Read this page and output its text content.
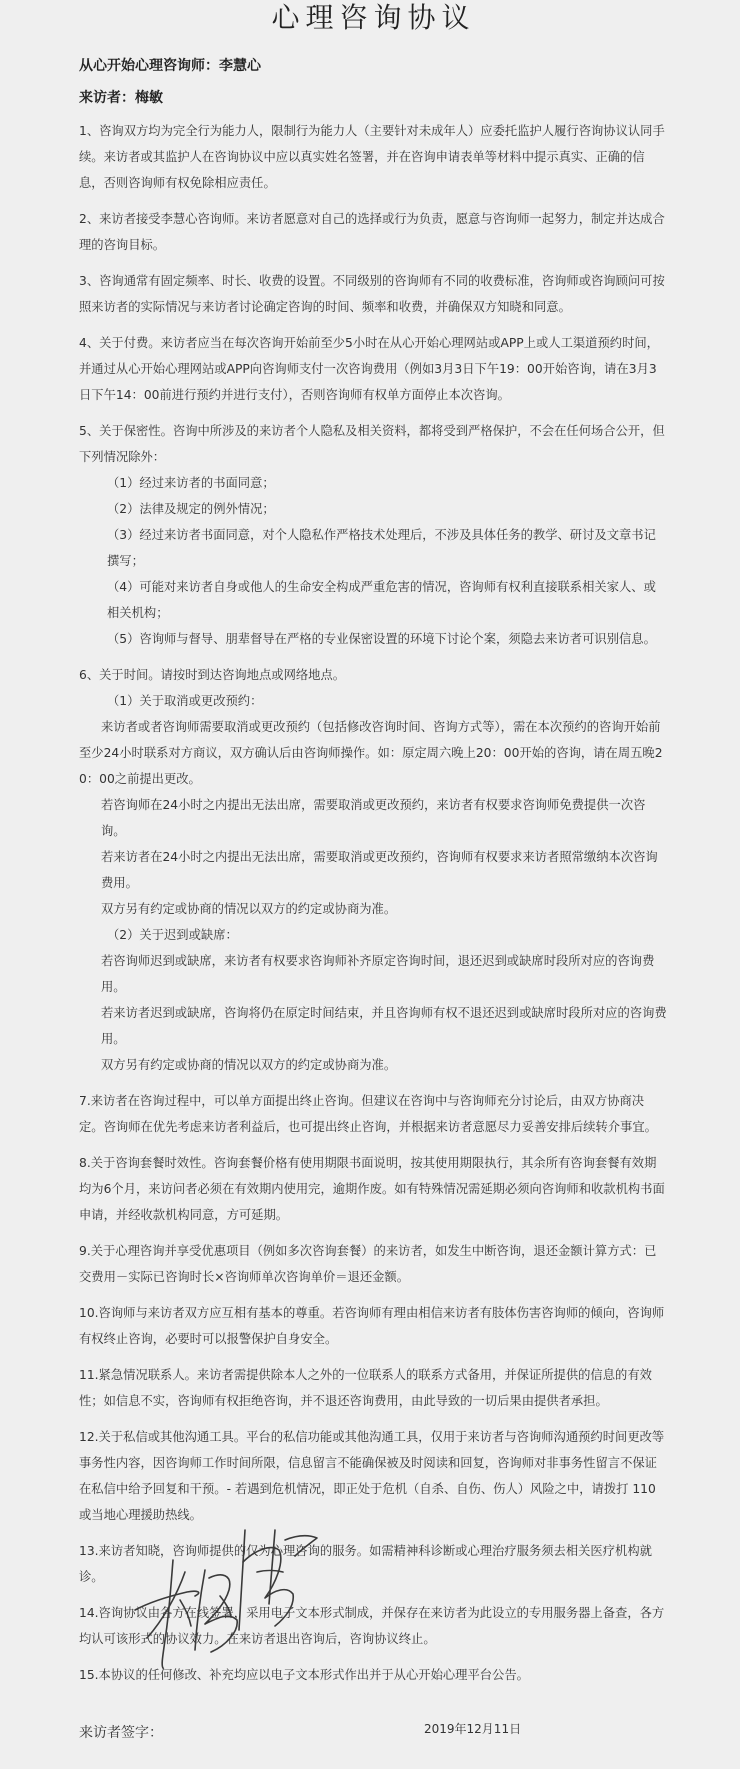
心理咨询协议
从心开始心理咨询师：李慧心
来访者：梅敏

1、咨询双方均为完全行为能力人，限制行为能力人（主要针对未成年人）应委托监护人履行咨询协议认同手续。来访者或其监护人在咨询协议中应以真实姓名签署，并在咨询申请表单等材料中提示真实、正确的信息，否则咨询师有权免除相应责任。

2、来访者接受李慧心咨询师。来访者愿意对自己的选择或行为负责，愿意与咨询师一起努力，制定并达成合理的咨询目标。

3、咨询通常有固定频率、时长、收费的设置。不同级别的咨询师有不同的收费标准，咨询师或咨询顾问可按照来访者的实际情况与来访者讨论确定咨询的时间、频率和收费，并确保双方知晓和同意。

4、关于付费。来访者应当在每次咨询开始前至少5小时在从心开始心理网站或APP上或人工渠道预约时间，并通过从心开始心理网站或APP向咨询师支付一次咨询费用（例如3月3日下午19：00开始咨询，请在3月3日下午14：00前进行预约并进行支付），否则咨询师有权单方面停止本次咨询。

5、关于保密性。咨询中所涉及的来访者个人隐私及相关资料，都将受到严格保护，不会在任何场合公开，但下列情况除外：

（1）经过来访者的书面同意；

（2）法律及规定的例外情况；

（3）经过来访者书面同意，对个人隐私作严格技术处理后，不涉及具体任务的教学、研讨及文章书记撰写；

（4）可能对来访者自身或他人的生命安全构成严重危害的情况，咨询师有权利直接联系相关家人、或相关机构；

（5）咨询师与督导、朋辈督导在严格的专业保密设置的环境下讨论个案，须隐去来访者可识别信息。

6、关于时间。请按时到达咨询地点或网络地点。

（1）关于取消或更改预约：

来访者或者咨询师需要取消或更改预约（包括修改咨询时间、咨询方式等），需在本次预约的咨询开始前至少24小时联系对方商议，双方确认后由咨询师操作。如：原定周六晚上20：00开始的咨询，请在周五晚20：00之前提出更改。

若咨询师在24小时之内提出无法出席，需要取消或更改预约，来访者有权要求咨询师免费提供一次咨询。

若来访者在24小时之内提出无法出席，需要取消或更改预约，咨询师有权要求来访者照常缴纳本次咨询费用。

双方另有约定或协商的情况以双方的约定或协商为准。

（2）关于迟到或缺席：

若咨询师迟到或缺席，来访者有权要求咨询师补齐原定咨询时间，退还迟到或缺席时段所对应的咨询费用。

若来访者迟到或缺席，咨询将仍在原定时间结束，并且咨询师有权不退还迟到或缺席时段所对应的咨询费用。

双方另有约定或协商的情况以双方的约定或协商为准。

7.来访者在咨询过程中，可以单方面提出终止咨询。但建议在咨询中与咨询师充分讨论后，由双方协商决定。咨询师在优先考虑来访者利益后，也可提出终止咨询，并根据来访者意愿尽力妥善安排后续转介事宜。

8.关于咨询套餐时效性。咨询套餐价格有使用期限书面说明，按其使用期限执行，其余所有咨询套餐有效期均为6个月，来访问者必须在有效期内使用完，逾期作废。如有特殊情况需延期必须向咨询师和收款机构书面申请，并经收款机构同意，方可延期。

9.关于心理咨询并享受优惠项目（例如多次咨询套餐）的来访者，如发生中断咨询，退还金额计算方式：已交费用－实际已咨询时长×咨询师单次咨询单价＝退还金额。

10.咨询师与来访者双方应互相有基本的尊重。若咨询师有理由相信来访者有肢体伤害咨询师的倾向，咨询师有权终止咨询，必要时可以报警保护自身安全。

11.紧急情况联系人。来访者需提供除本人之外的一位联系人的联系方式备用，并保证所提供的信息的有效性；如信息不实，咨询师有权拒绝咨询，并不退还咨询费用，由此导致的一切后果由提供者承担。

12.关于私信或其他沟通工具。平台的私信功能或其他沟通工具，仅用于来访者与咨询师沟通预约时间更改等事务性内容，因咨询师工作时间所限，信息留言不能确保被及时阅读和回复，咨询师对非事务性留言不保证在私信中给予回复和干预。- 若遇到危机情况，即正处于危机（自杀、自伤、伤人）风险之中，请拨打 110 或当地心理援助热线。

13.来访者知晓，咨询师提供的仅为心理咨询的服务。如需精神科诊断或心理治疗服务须去相关医疗机构就诊。

14.咨询协议由各方在线签署，采用电子文本形式制成，并保存在来访者为此设立的专用服务器上备查，各方均认可该形式的协议效力。在来访者退出咨询后，咨询协议终止。

15.本协议的任何修改、补充均应以电子文本形式作出并于从心开始心理平台公告。

来访者签字：	2019年12月11日
